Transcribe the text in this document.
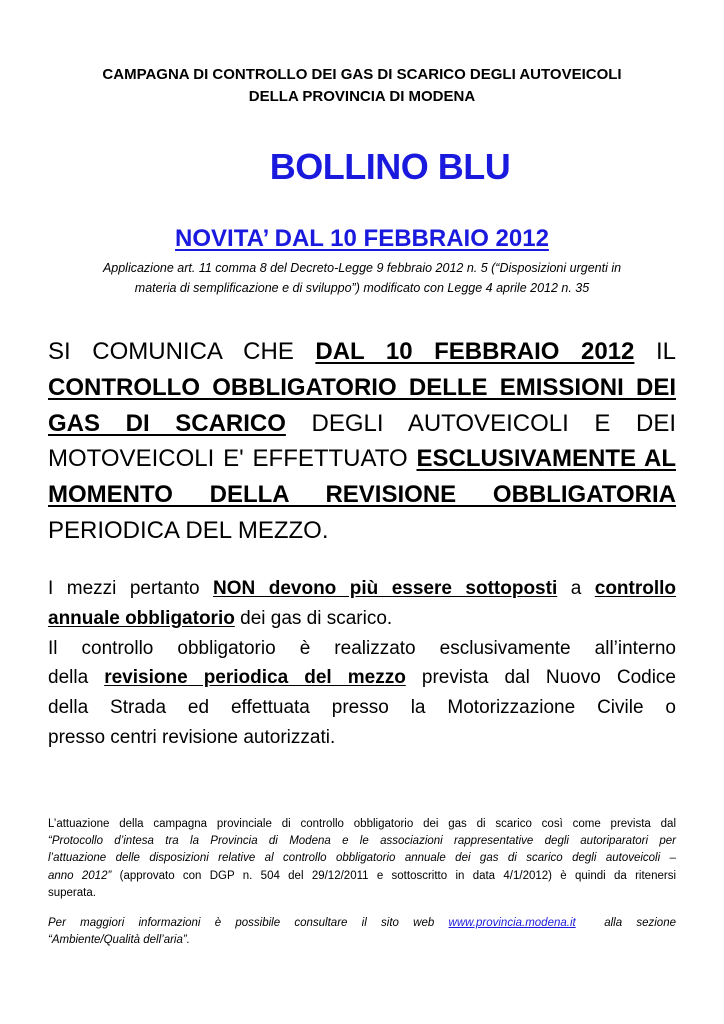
CAMPAGNA DI CONTROLLO DEI GAS DI SCARICO DEGLI AUTOVEICOLI
DELLA PROVINCIA DI MODENA
BOLLINO BLU
NOVITA’ DAL 10 FEBBRAIO 2012
Applicazione art. 11 comma 8 del Decreto-Legge 9 febbraio 2012 n. 5 (“Disposizioni urgenti in
materia di semplificazione e di sviluppo”) modificato con Legge 4 aprile 2012 n. 35
SI COMUNICA CHE DAL 10 FEBBRAIO 2012 IL
CONTROLLO OBBLIGATORIO DELLE EMISSIONI DEI
GAS DI SCARICO DEGLI AUTOVEICOLI E DEI
MOTOVEICOLI E' EFFETTUATO ESCLUSIVAMENTE AL
MOMENTO DELLA REVISIONE OBBLIGATORIA
PERIODICA DEL MEZZO.
I mezzi pertanto NON devono più essere sottoposti a controllo
annuale obbligatorio dei gas di scarico.
Il controllo obbligatorio è realizzato esclusivamente all’interno
della revisione periodica del mezzo prevista dal Nuovo Codice
della Strada ed effettuata presso la Motorizzazione Civile o
presso centri revisione autorizzati.
L’attuazione della campagna provinciale di controllo obbligatorio dei gas di scarico così come prevista dal
“Protocollo d’intesa tra la Provincia di Modena e le associazioni rappresentative degli autoriparatori per
l’attuazione delle disposizioni relative al controllo obbligatorio annuale dei gas di scarico degli autoveicoli –
anno 2012” (approvato con DGP n. 504 del 29/12/2011 e sottoscritto in data 4/1/2012) è quindi da ritenersi
superata.
Per maggiori informazioni è possibile consultare il sito web www.provincia.modena.it  alla sezione
“Ambiente/Qualità dell’aria”.
